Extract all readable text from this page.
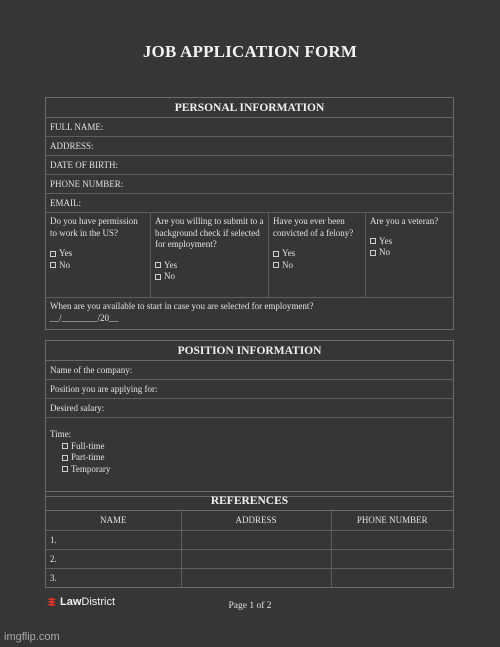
JOB APPLICATION FORM
PERSONAL INFORMATION
FULL NAME:
ADDRESS:
DATE OF BIRTH:
PHONE NUMBER:
EMAIL:
Do you have permission to work in the US?
Yes
No
Are you willing to submit to a background check if selected for employment?
Yes
No
Have you ever been convicted of a felony?
Yes
No
Are you a veteran?
Yes
No
When are you available to start in case you are selected for employment?
__/________/20__
POSITION INFORMATION
Name of the company:
Position you are applying for:
Desired salary:
Time:
Full-time
Part-time
Temporary
REFERENCES
NAME	ADDRESS	PHONE NUMBER
1.		
2.		
3.		
Law District	Page 1 of 2
imgflip.com
